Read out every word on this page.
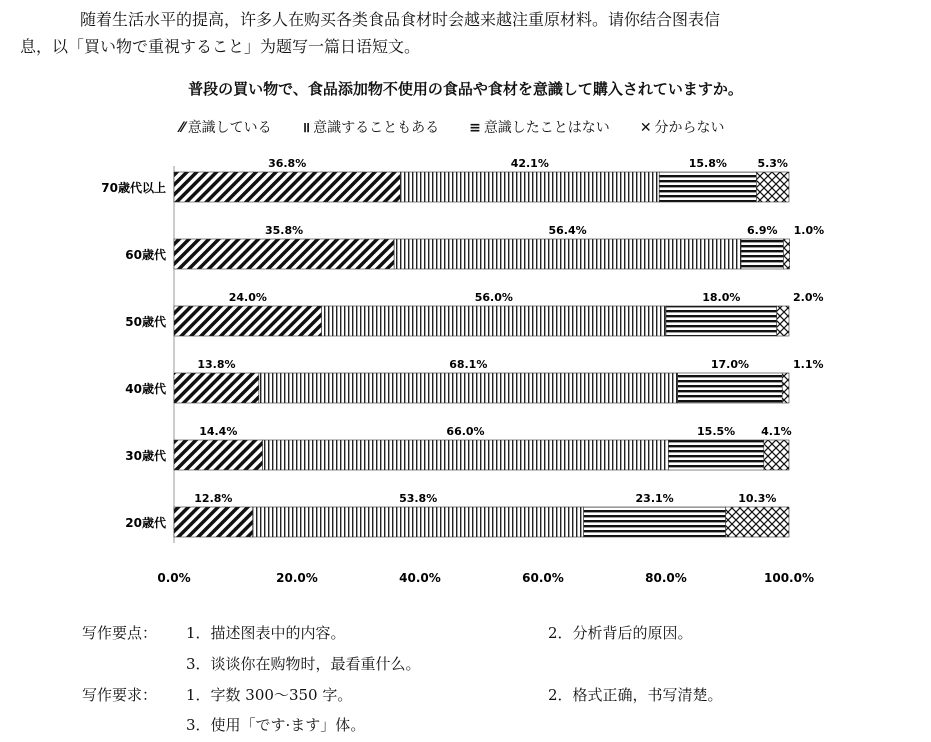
随着生活水平的提高，许多人在购买各类食品食材时会越来越注重原材料。请你结合图表信
息，以「買い物で重視すること」为题写一篇日语短文。
普段の買い物で、食品添加物不使用の食品や食材を意識して購入されていますか。
⁄⁄ 意識している ॥ 意識することもある ≡ 意識したことはない ✕ 分からない
70歳代以上
36.8%	42.1%	15.8%	5.3%
60歳代
35.8%	56.4%	6.9% 1.0%
50歳代
24.0%	56.0%	18.0%	2.0%
40歳代
13.8%	68.1%	17.0%	1.1%
30歳代
14.4%	66.0%	15.5% 4.1%
20歳代
12.8%	53.8%	23.1%	10.3%
0.0%	20.0%	40.0%	60.0%	80.0%	100.0%
写作要点： 1．描述图表中的内容。	2．分析背后的原因。
3．谈谈你在购物时，最看重什么。
写作要求： 1．字数 300～350 字。	2．格式正确，书写清楚。
3．使用「です·ます」体。
